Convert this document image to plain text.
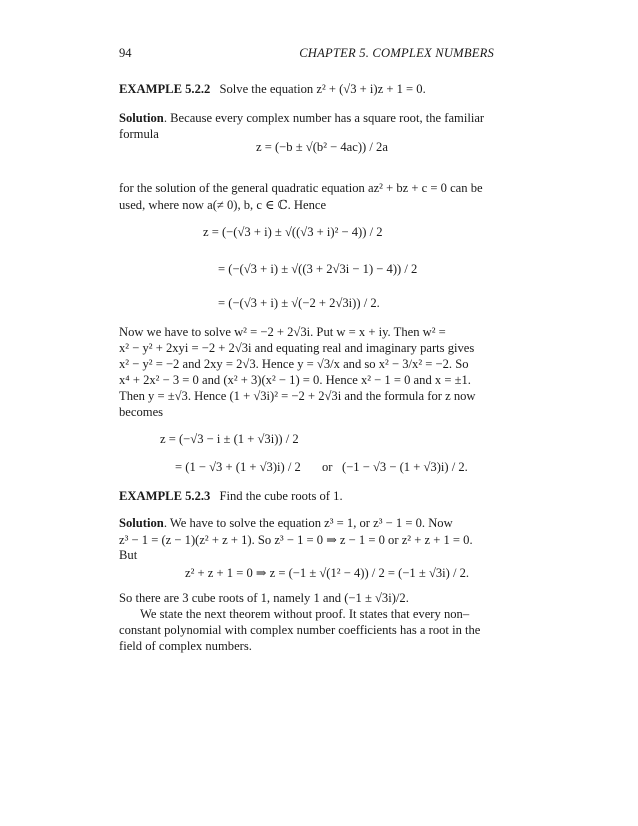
94	CHAPTER 5. COMPLEX NUMBERS
EXAMPLE 5.2.2 Solve the equation z² + (√3 + i)z + 1 = 0.
Solution. Because every complex number has a square root, the familiar
formula
z = (−b ± √(b² − 4ac)) / 2a
for the solution of the general quadratic equation az² + bz + c = 0 can be
used, where now a(≠ 0), b, c ∈ ℂ. Hence
z = (−(√3 + i) ± √((√3 + i)² − 4)) / 2
= (−(√3 + i) ± √((3 + 2√3i − 1) − 4)) / 2
= (−(√3 + i) ± √(−2 + 2√3i)) / 2.
Now we have to solve w² = −2 + 2√3i. Put w = x + iy. Then w² =
x² − y² + 2xyi = −2 + 2√3i and equating real and imaginary parts gives
x² − y² = −2 and 2xy = 2√3. Hence y = √3/x and so x² − 3/x² = −2. So
x⁴ + 2x² − 3 = 0 and (x² + 3)(x² − 1) = 0. Hence x² − 1 = 0 and x = ±1.
Then y = ±√3. Hence (1 + √3i)² = −2 + 2√3i and the formula for z now
becomes
z = (−√3 − i ± (1 + √3i)) / 2
= (1 − √3 + (1 + √3)i) / 2 or (−1 − √3 − (1 + √3)i) / 2.
EXAMPLE 5.2.3 Find the cube roots of 1.
Solution. We have to solve the equation z³ = 1, or z³ − 1 = 0. Now
z³ − 1 = (z − 1)(z² + z + 1). So z³ − 1 = 0 ⇒ z − 1 = 0 or z² + z + 1 = 0.
But
z² + z + 1 = 0 ⇒ z = (−1 ± √(1² − 4)) / 2 = (−1 ± √3i) / 2.
So there are 3 cube roots of 1, namely 1 and (−1 ± √3i)/2.
We state the next theorem without proof. It states that every non–
constant polynomial with complex number coefficients has a root in the
field of complex numbers.
